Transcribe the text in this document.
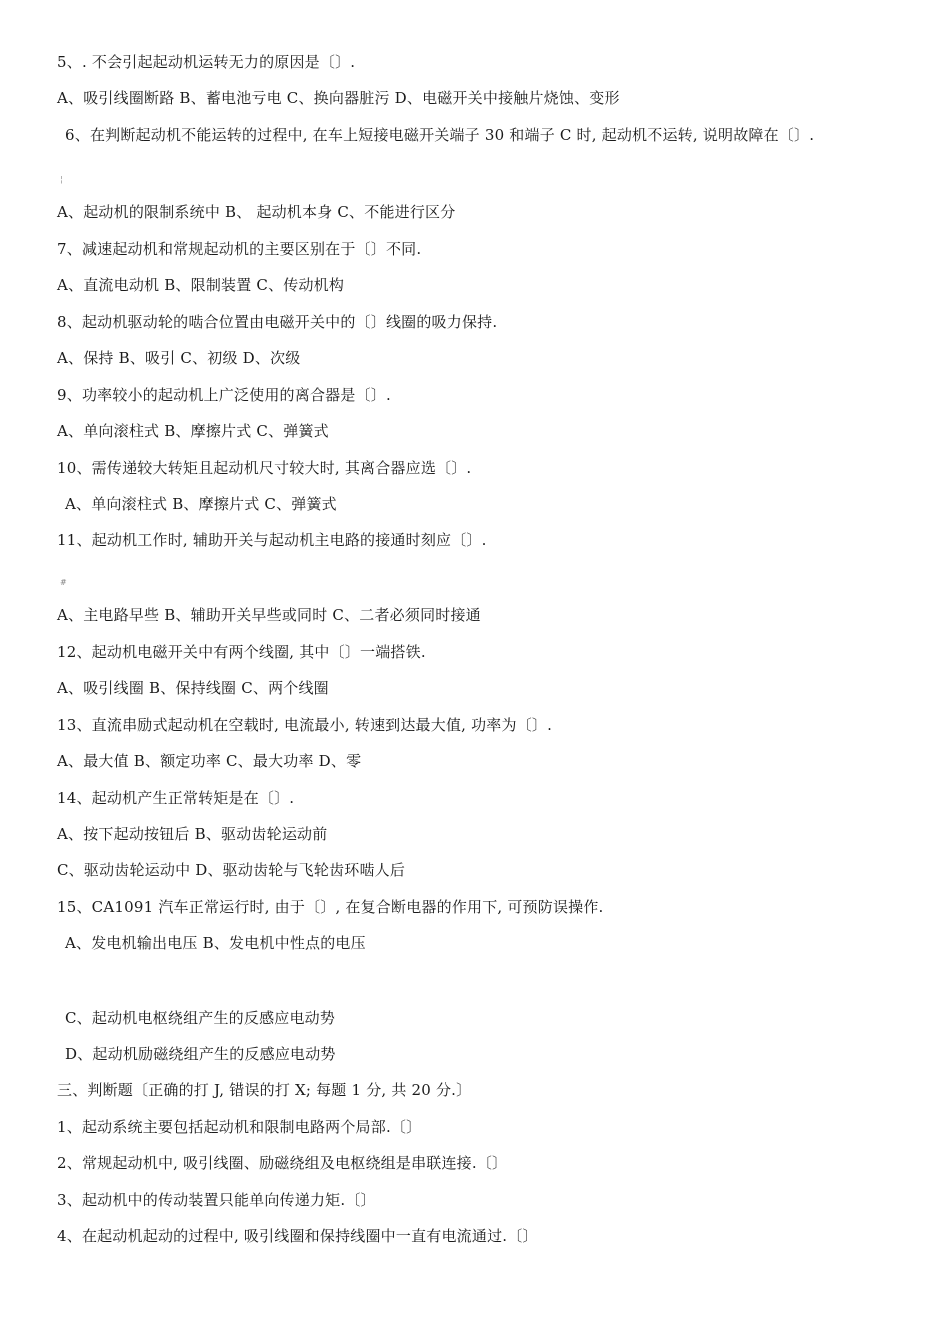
5、. 不会引起起动机运转无力的原因是〔〕.
A、吸引线圈断路 B、蓄电池亏电 C、换向器脏污 D、电磁开关中接触片烧蚀、变形
6、在判断起动机不能运转的过程中, 在车上短接电磁开关端子 30 和端子 C 时, 起动机不运转, 说明故障在〔〕.
¦
A、起动机的限制系统中 B、 起动机本身 C、不能进行区分
7、减速起动机和常规起动机的主要区别在于〔〕不同.
A、直流电动机 B、限制装置 C、传动机构
8、起动机驱动轮的啮合位置由电磁开关中的〔〕线圈的吸力保持.
A、保持 B、吸引 C、初级 D、次级
9、功率较小的起动机上广泛使用的离合器是〔〕.
A、单向滚柱式 B、摩擦片式 C、弹簧式
10、需传递较大转矩且起动机尺寸较大时, 其离合器应选〔〕.
A、单向滚柱式 B、摩擦片式 C、弹簧式
11、起动机工作时, 辅助开关与起动机主电路的接通时刻应〔〕.
#
A、主电路早些 B、辅助开关早些或同时 C、二者必须同时接通
12、起动机电磁开关中有两个线圈, 其中〔〕一端搭铁.
A、吸引线圈 B、保持线圈 C、两个线圈
13、直流串励式起动机在空载时, 电流最小, 转速到达最大值, 功率为〔〕.
A、最大值 B、额定功率 C、最大功率 D、零
14、起动机产生正常转矩是在〔〕.
A、按下起动按钮后 B、驱动齿轮运动前
C、驱动齿轮运动中 D、驱动齿轮与飞轮齿环啮人后
15、CA1091 汽车正常运行时, 由于〔〕, 在复合断电器的作用下, 可预防误操作.
A、发电机输出电压 B、发电机中性点的电压
C、起动机电枢绕组产生的反感应电动势
D、起动机励磁绕组产生的反感应电动势
三、判断题〔正确的打 J, 错误的打 X; 每题 1 分, 共 20 分.〕
1、起动系统主要包括起动机和限制电路两个局部.〔〕
2、常规起动机中, 吸引线圈、励磁绕组及电枢绕组是串联连接.〔〕
3、起动机中的传动装置只能单向传递力矩.〔〕
4、在起动机起动的过程中, 吸引线圈和保持线圈中一直有电流通过.〔〕
